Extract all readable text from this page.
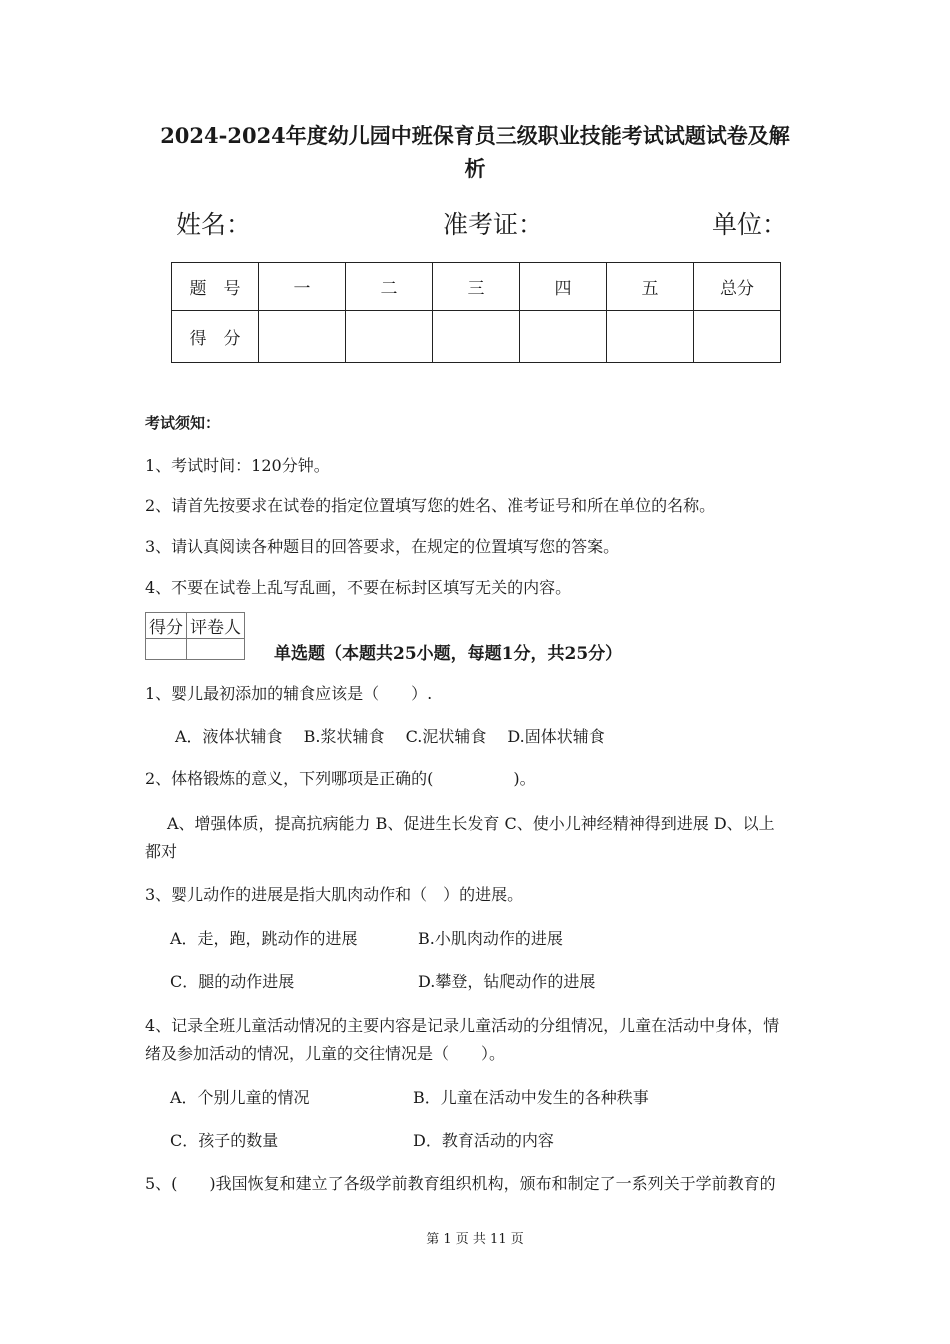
2024-2024年度幼儿园中班保育员三级职业技能考试试题试卷及解
析
姓名：	准考证：	单位：
题　号	一	二	三	四	五	总分
得　分						
考试须知：
1、考试时间：120分钟。
2、请首先按要求在试卷的指定位置填写您的姓名、准考证号和所在单位的名称。
3、请认真阅读各种题目的回答要求，在规定的位置填写您的答案。
4、不要在试卷上乱写乱画，不要在标封区填写无关的内容。
得分	评卷人

单选题（本题共25小题，每题1分，共25分）
1、婴儿最初添加的辅食应该是（　　）.
A．液体状辅食　 B.浆状辅食　 C.泥状辅食　 D.固体状辅食
2、体格锻炼的意义，下列哪项是正确的(　　　　　)。
A、增强体质，提高抗病能力 B、促进生长发育 C、使小儿神经精神得到进展 D、以上
都对
3、婴儿动作的进展是指大肌肉动作和（　）的进展。
A．走，跑，跳动作的进展	B.小肌肉动作的进展
C．腿的动作进展	D.攀登，钻爬动作的进展
4、记录全班儿童活动情况的主要内容是记录儿童活动的分组情况，儿童在活动中身体，情
绪及参加活动的情况，儿童的交往情况是（　　）。
A．个别儿童的情况	B．儿童在活动中发生的各种秩事
C．孩子的数量	D．教育活动的内容
5、(　　)我国恢复和建立了各级学前教育组织机构，颁布和制定了一系列关于学前教育的
第 1 页 共 11 页
